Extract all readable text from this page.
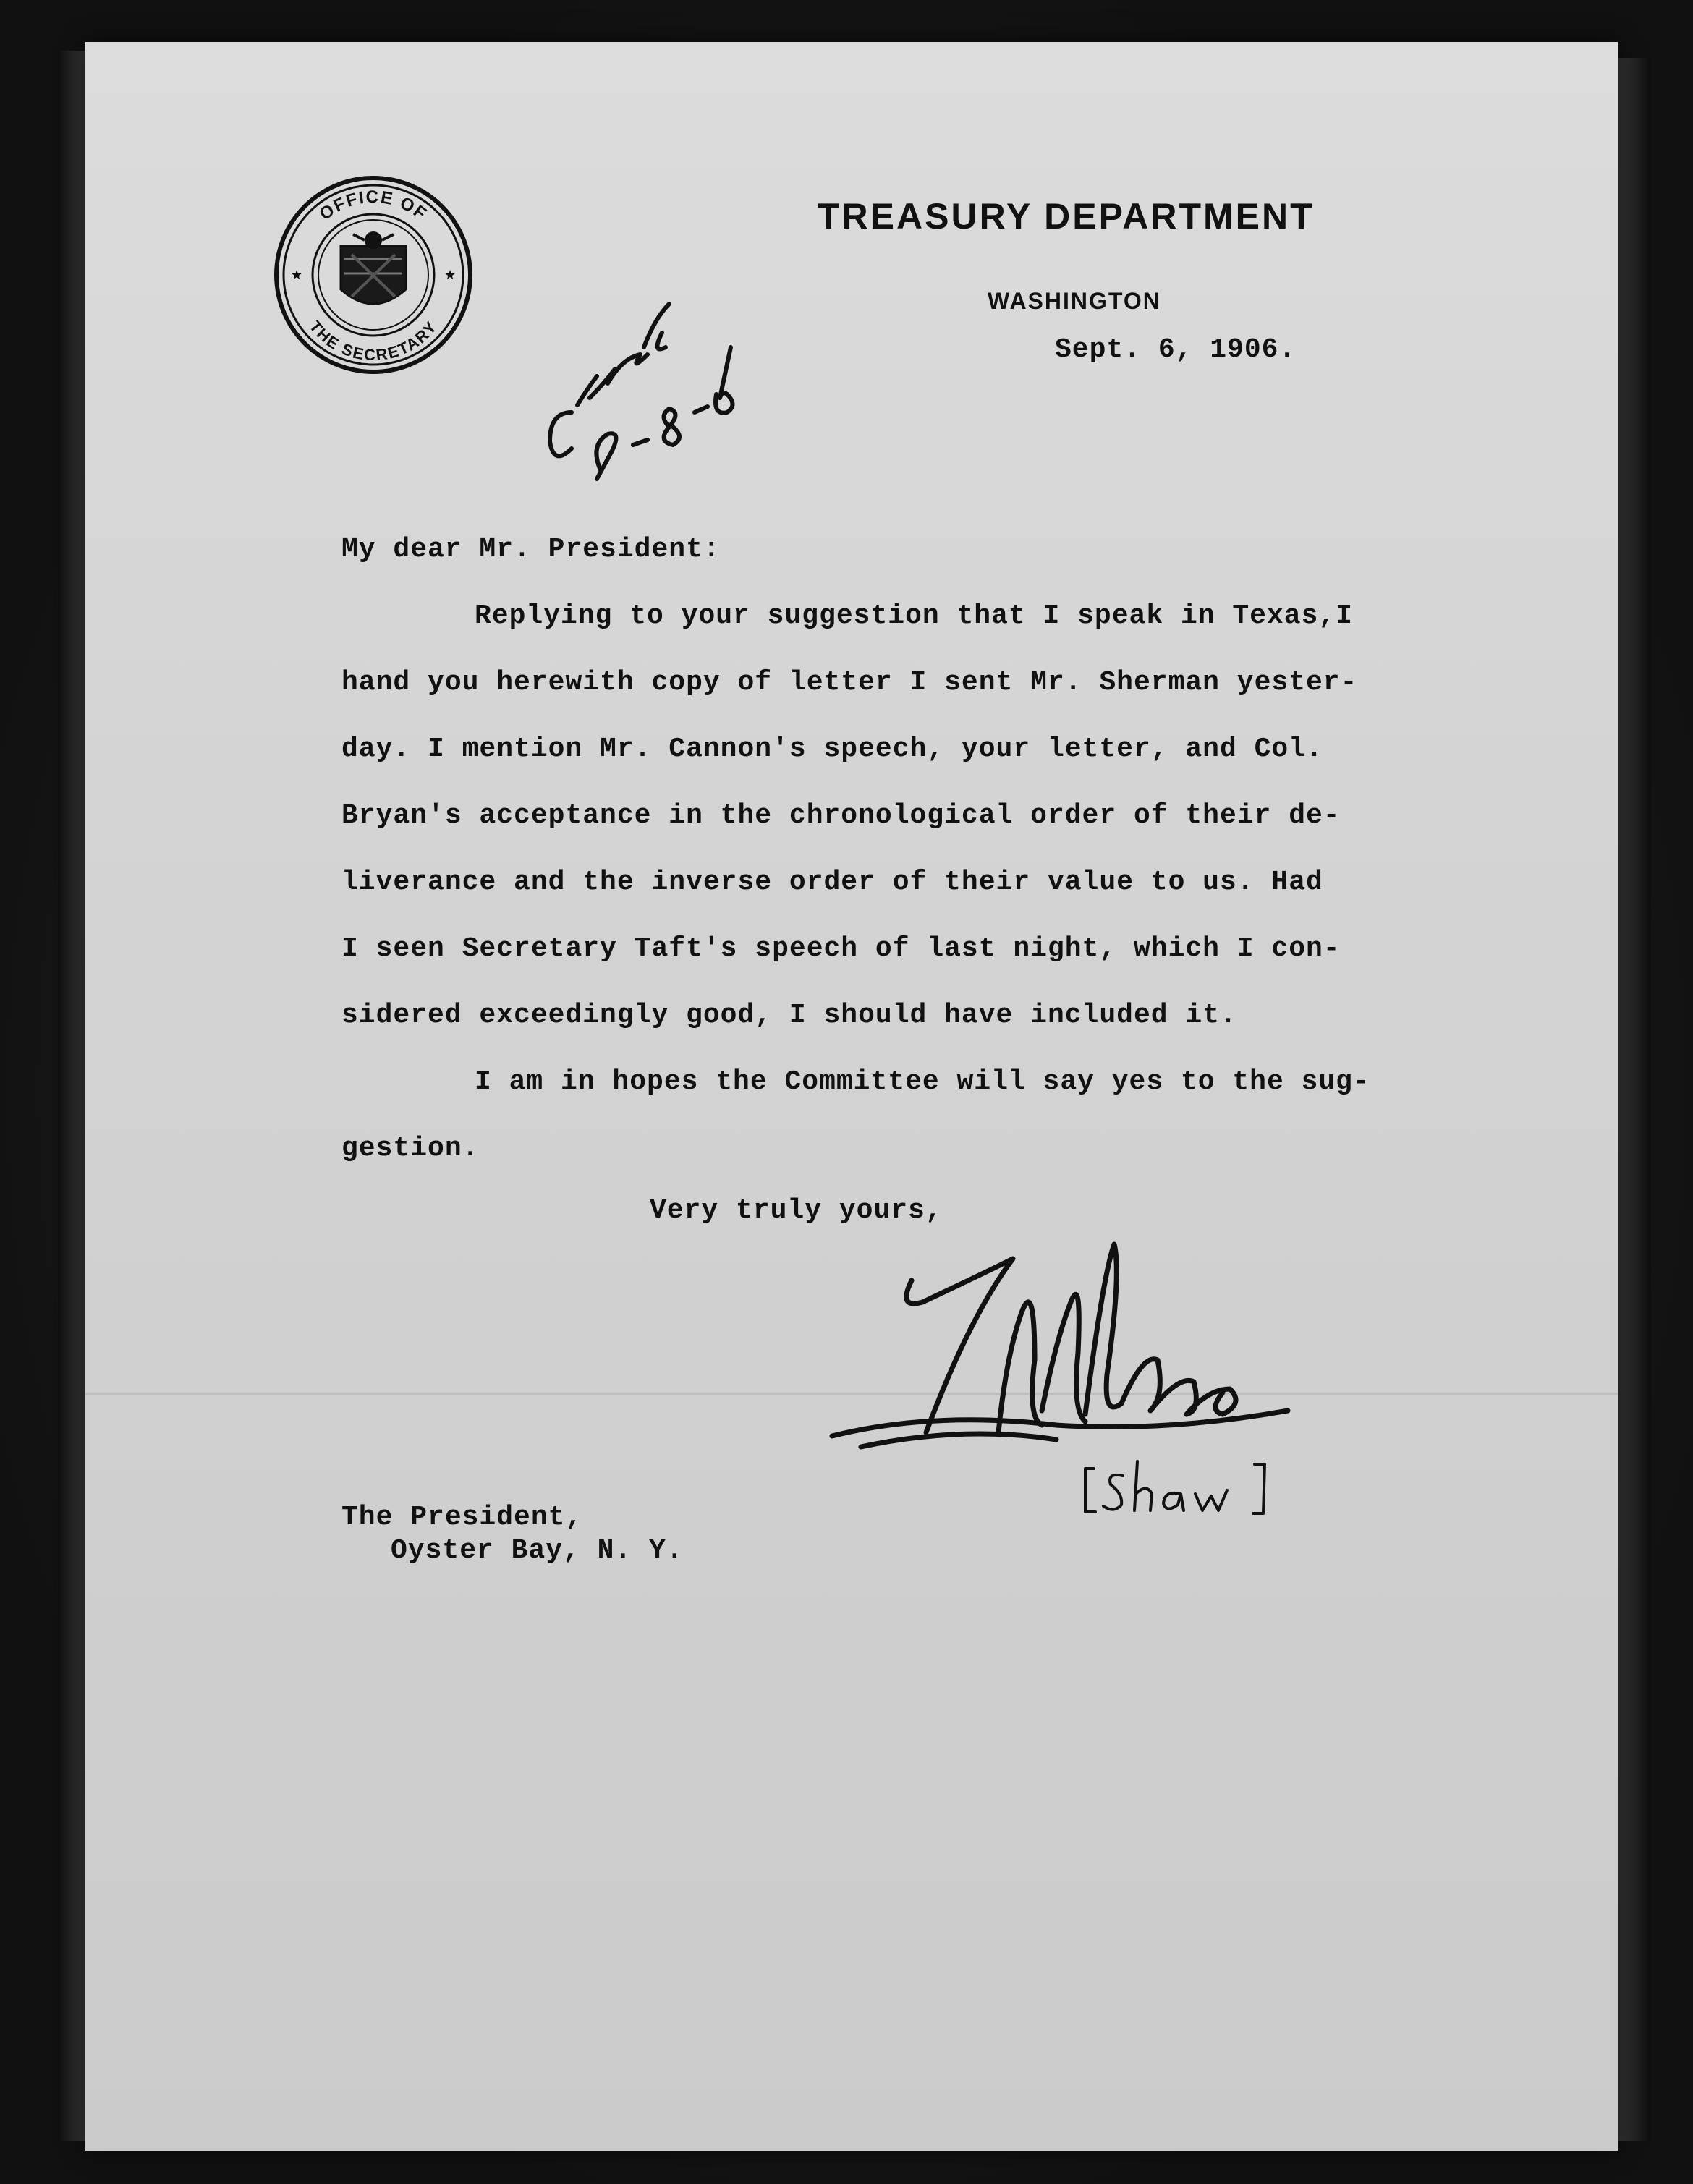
OFFICE OF
THE SECRETARY
★	★

TREASURY DEPARTMENT

WASHINGTON

Sept. 6, 1906.

My dear Mr. President:

Replying to your suggestion that I speak in Texas,I

hand you herewith copy of letter I sent Mr. Sherman yester-

day. I mention Mr. Cannon's speech, your letter, and Col.

Bryan's acceptance in the chronological order of their de-

liverance and the inverse order of their value to us. Had

I seen Secretary Taft's speech of last night, which I con-

sidered exceedingly good, I should have included it.

I am in hopes the Committee will say yes to the sug-

gestion.

Very truly yours,

The President,

Oyster Bay, N. Y.
